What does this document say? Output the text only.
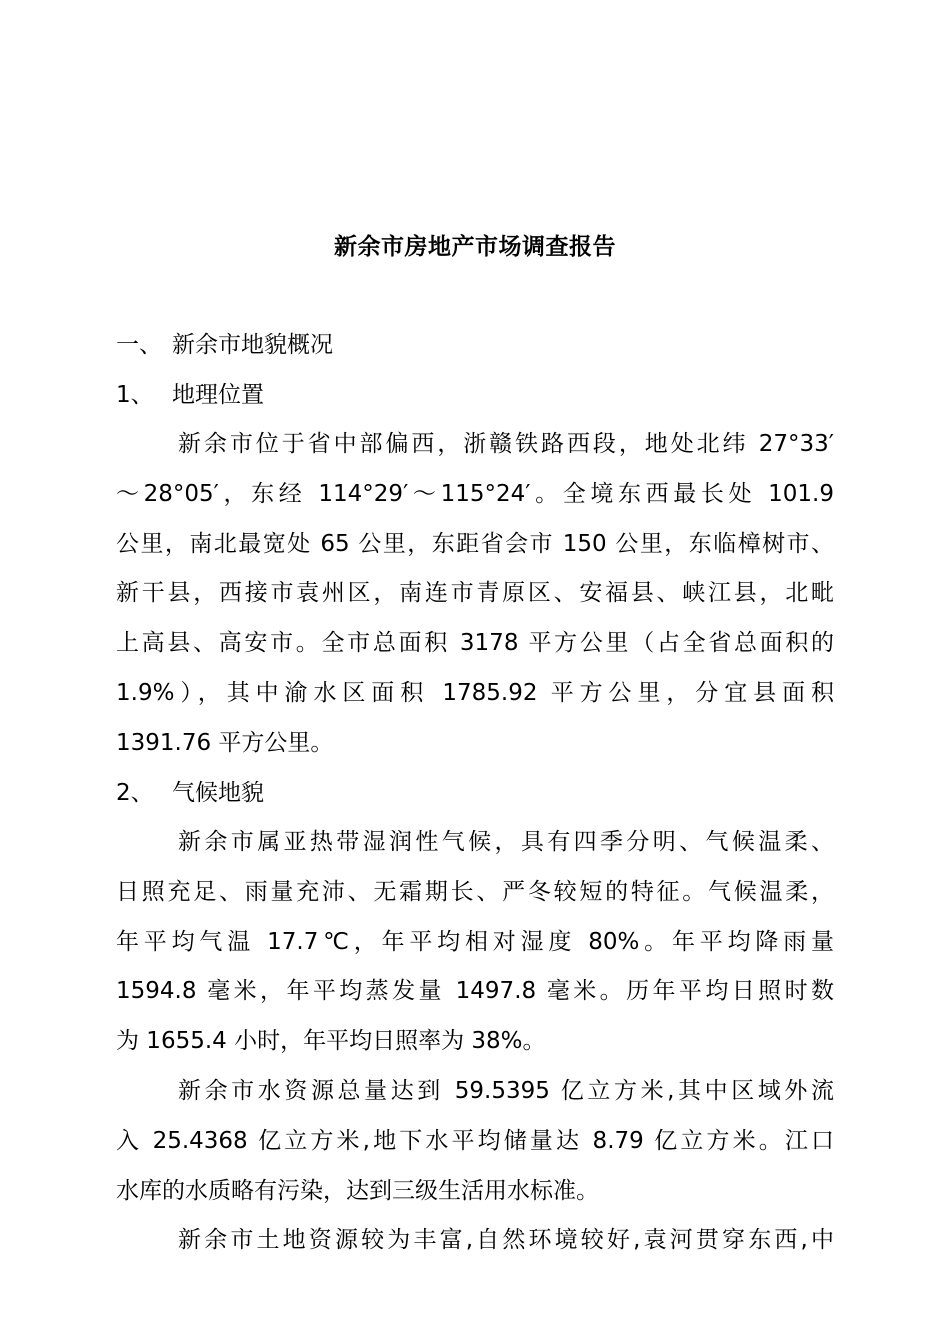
新余市房地产市场调查报告
一、 新余市地貌概况
1、 地理位置
新余市位于省中部偏西，浙赣铁路西段，地处北纬 27°33′
～28°05′，东经 114°29′～115°24′。全境东西最长处 101.9
公里，南北最宽处 65 公里，东距省会市 150 公里，东临樟树市、
新干县，西接市袁州区，南连市青原区、安福县、峡江县，北毗
上高县、高安市。全市总面积 3178 平方公里（占全省总面积的
1.9%），其中渝水区面积 1785.92 平方公里，分宜县面积
1391.76 平方公里。
2、 气候地貌
新余市属亚热带湿润性气候，具有四季分明、气候温柔、
日照充足、雨量充沛、无霜期长、严冬较短的特征。气候温柔，
年平均气温 17.7℃，年平均相对湿度 80%。年平均降雨量
1594.8 毫米，年平均蒸发量 1497.8 毫米。历年平均日照时数
为 1655.4 小时，年平均日照率为 38%。
新余市水资源总量达到 59.5395 亿立方米,其中区域外流
入 25.4368 亿立方米,地下水平均储量达 8.79 亿立方米。江口
水库的水质略有污染，达到三级生活用水标准。
新余市土地资源较为丰富,自然环境较好,袁河贯穿东西,中
